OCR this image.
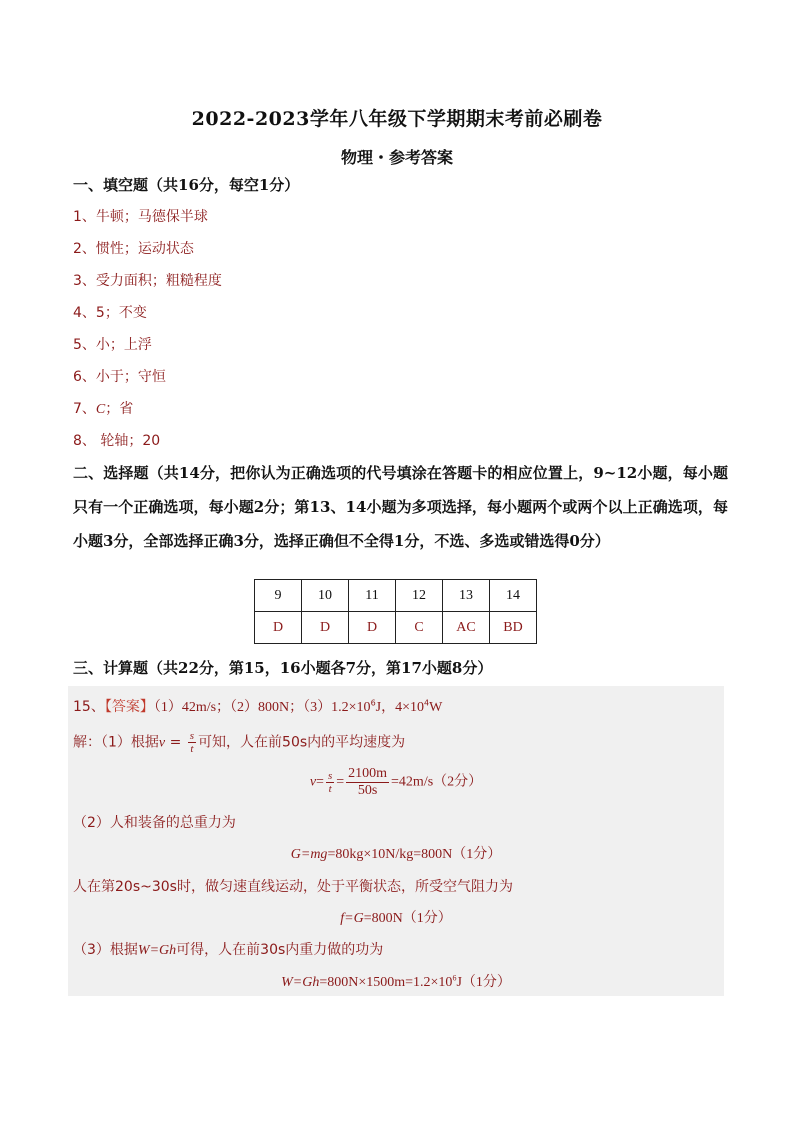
2022-2023学年八年级下学期期末考前必刷卷
物理・参考答案
一、填空题（共16分，每空1分）
1、牛顿；马德保半球
2、惯性；运动状态
3、受力面积；粗糙程度
4、5；不变
5、小；上浮
6、小于；守恒
7、C；省
8、 轮轴；20
二、选择题（共14分，把你认为正确选项的代号填涂在答题卡的相应位置上，9~12小题，每小题只有一个正确选项，每小题2分；第13、14小题为多项选择，每小题两个或两个以上正确选项，每小题3分，全部选择正确3分，选择正确但不全得1分，不选、多选或错选得0分）
9	10	11	12	13	14
D	D	D	C	AC	BD
三、计算题（共22分，第15，16小题各7分，第17小题8分）
15、【答案】（1）42m/s；（2）800N；$(3)1.2\times 10^6J$，$4\times 10^4W$
解：（1）根据$v = \frac{s}{t}$ 可知，人在前50s内的平均速度为
$v= \frac{s}{t} = \frac{2100m}{50s} =42m/s(2$分）
（2）人和装备的总重力为
G=mg=80kg×10N/kg=800N（1分）
人在第20s~30s时，做匀速直线运动，处于平衡状态，所受空气阻力为
f=G=800N（1分）
（3）根据W=Gh可得，人在前30s内重力做的功为
$W=Gh=800N\times 1500m=1.2\times 10^6J(1$分）
